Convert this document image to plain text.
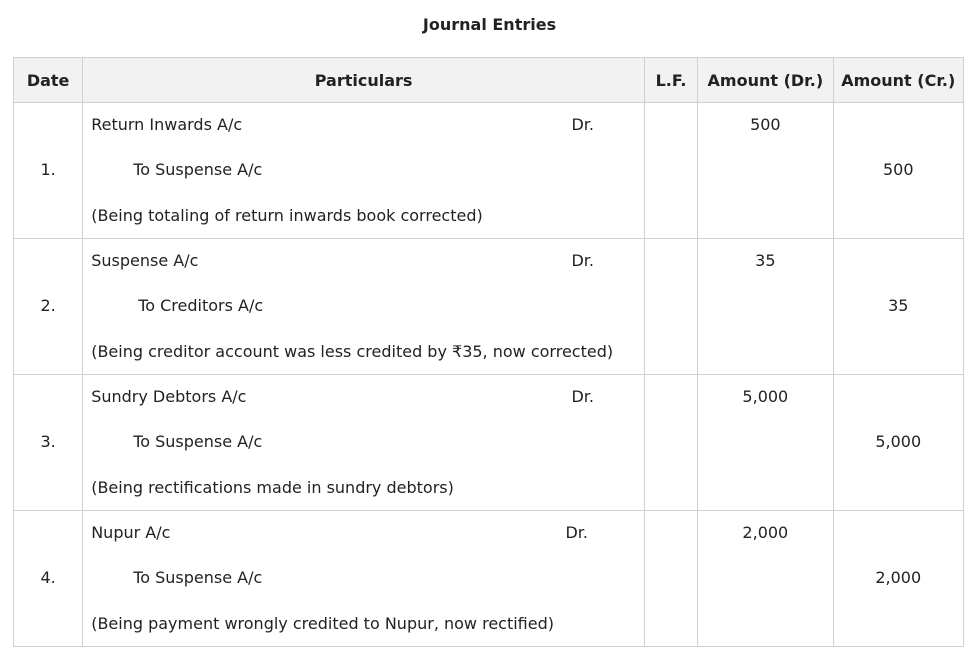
Journal Entries
Date	Particulars	L.F.	Amount (Dr.)	Amount (Cr.)

1.	Return Inwards A/c Dr.
To Suspense A/c
(Being totaling of return inwards book corrected)		500	500

2.	Suspense A/c Dr.
To Creditors A/c
(Being creditor account was less credited by ₹35, now corrected)		35	35

3.	Sundry Debtors A/c Dr.
To Suspense A/c
(Being rectifications made in sundry debtors)		5,000	5,000

4.	Nupur A/c Dr.
To Suspense A/c
(Being payment wrongly credited to Nupur, now rectified)		2,000	2,000
